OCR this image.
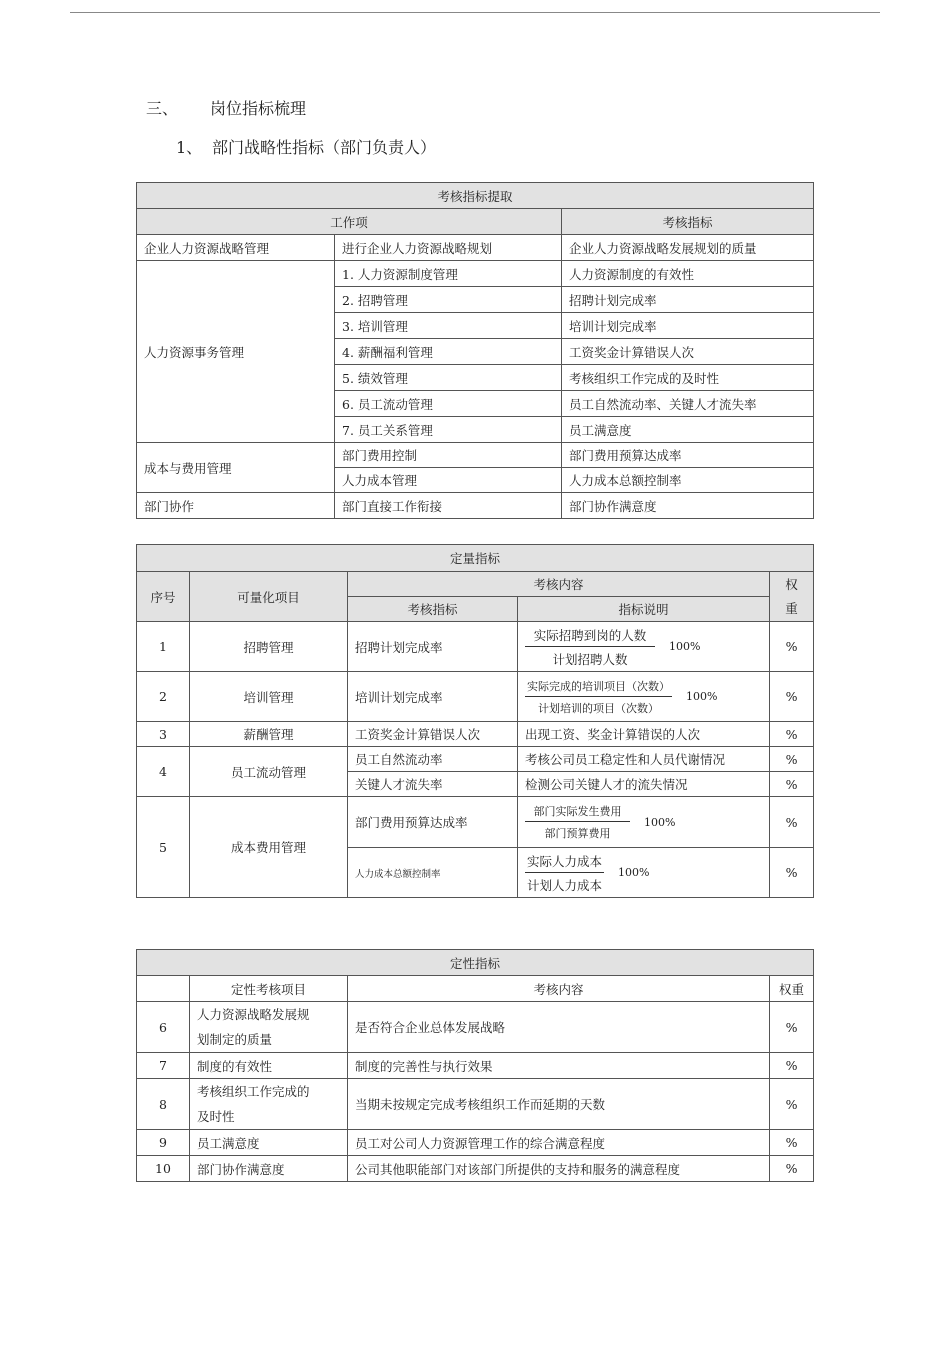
三、 岗位指标梳理
1、 部门战略性指标（部门负责人）
考核指标提取		
工作项		考核指标
企业人力资源战略管理	进行企业人力资源战略规划	企业人力资源战略发展规划的质量
人力资源事务管理	1. 人力资源制度管理	人力资源制度的有效性
	2. 招聘管理	招聘计划完成率
	3. 培训管理	培训计划完成率
	4. 薪酬福利管理	工资奖金计算错误人次
	5. 绩效管理	考核组织工作完成的及时性
	6. 员工流动管理	员工自然流动率、关键人才流失率
	7. 员工关系管理	员工满意度
成本与费用管理	部门费用控制	部门费用预算达成率
	人力成本管理	人力成本总额控制率
部门协作	部门直接工作衔接	部门协作满意度
定量指标				
序号	可量化项目	考核内容		权
重

		考核指标	指标说明	
1	招聘管理	招聘计划完成率	$\frac{\text{实际招聘到岗的人数}}{\text{计划招聘人数}} 100\%$	%
2	培训管理	培训计划完成率	$\frac{\text{实际完成的培训项目（次数）}}{\text{计划培训的项目（次数）}} 100\%$	%
3	薪酬管理	工资奖金计算错误人次	出现工资、奖金计算错误的人次	%
4	员工流动管理	员工自然流动率	考核公司员工稳定性和人员代谢情况	%
		关键人才流失率	检测公司关键人才的流失情况	%
5	成本费用管理	部门费用预算达成率	$\frac{\text{部门实际发生费用}}{\text{部门预算费用}} 100\%$	%
		人力成本总额控制率	$\frac{\text{实际人力成本}}{\text{计划人力成本}} 100\%$	%
定性指标			
	定性考核项目	考核内容	权重
6	人力资源战略发展规
划制定的质量	是否符合企业总体发展战略	%
7	制度的有效性	制度的完善性与执行效果	%
8	考核组织工作完成的
及时性	当期未按规定完成考核组织工作而延期的天数	%
9	员工满意度	员工对公司人力资源管理工作的综合满意程度	%
10	部门协作满意度	公司其他职能部门对该部门所提供的支持和服务的满意程度	%
